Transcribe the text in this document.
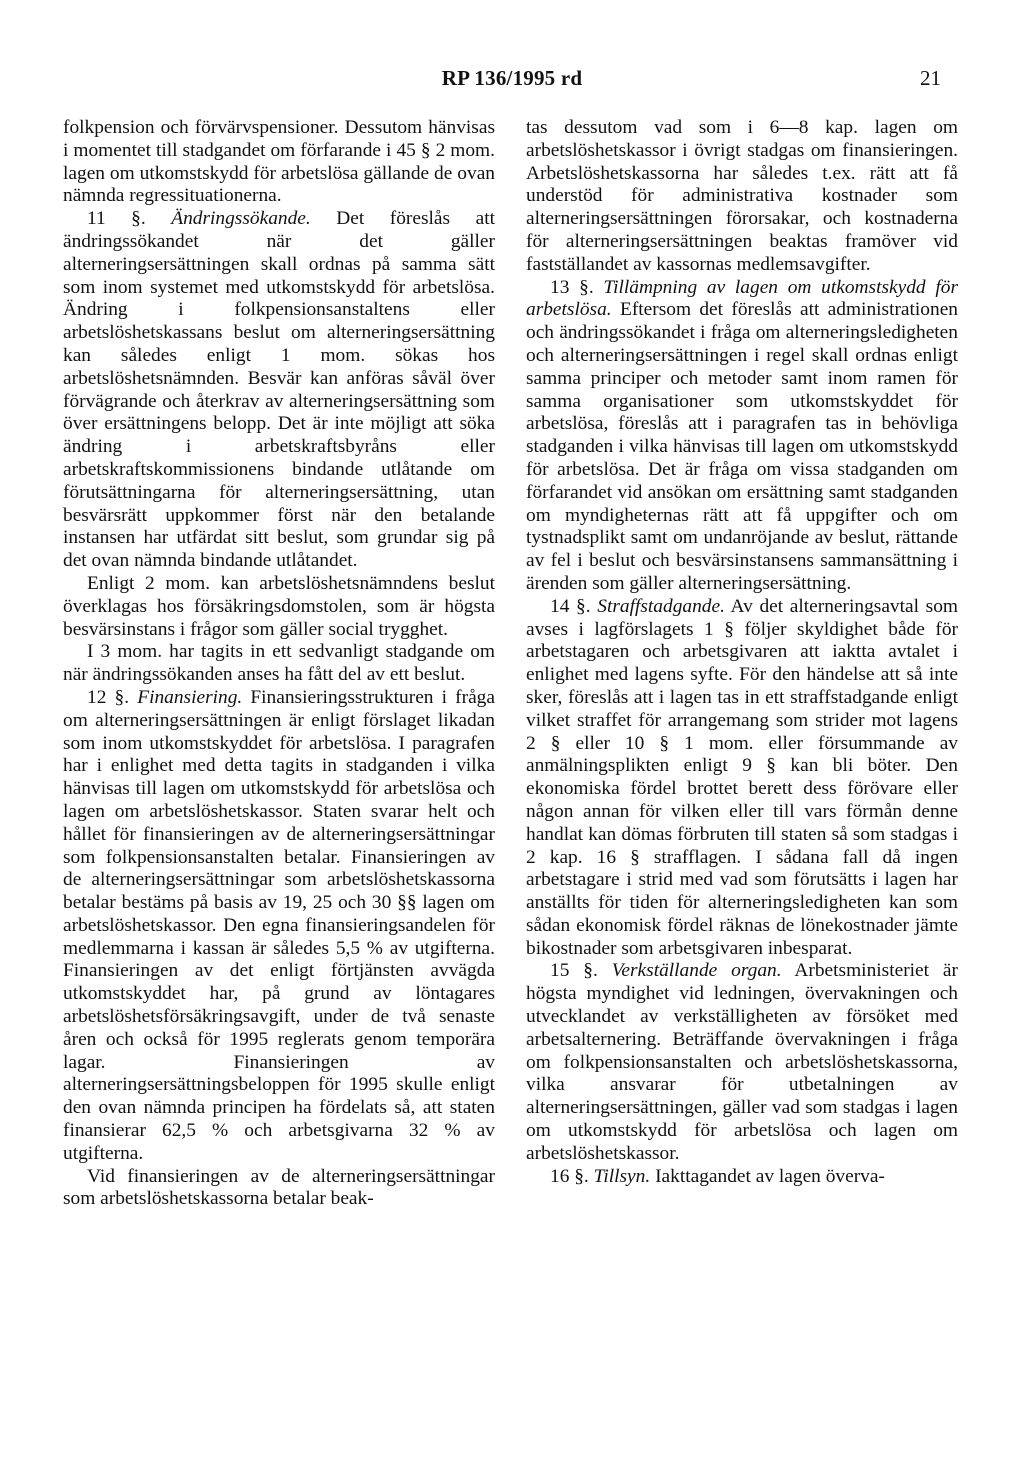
RP 136/1995 rd	21

folkpension och förvärvspensioner. Dessutom hänvisas i momentet till stadgandet om förfarande i 45 § 2 mom. lagen om utkomstskydd för arbetslösa gällande de ovan nämnda regressituationerna.

11 §. Ändringssökande. Det föreslås att ändringssökandet när det gäller alterneringsersättningen skall ordnas på samma sätt som inom systemet med utkomstskydd för arbetslösa. Ändring i folkpensionsanstaltens eller arbetslöshetskassans beslut om alterneringsersättning kan således enligt 1 mom. sökas hos arbetslöshetsnämnden. Besvär kan anföras såväl över förvägrande och återkrav av alterneringsersättning som över ersättningens belopp. Det är inte möjligt att söka ändring i arbetskraftsbyråns eller arbetskraftskommissionens bindande utlåtande om förutsättningarna för alterneringsersättning, utan besvärsrätt uppkommer först när den betalande instansen har utfärdat sitt beslut, som grundar sig på det ovan nämnda bindande utlåtandet.

Enligt 2 mom. kan arbetslöshetsnämndens beslut överklagas hos försäkringsdomstolen, som är högsta besvärsinstans i frågor som gäller social trygghet.

I 3 mom. har tagits in ett sedvanligt stadgande om när ändringssökanden anses ha fått del av ett beslut.

12 §. Finansiering. Finansieringsstrukturen i fråga om alterneringsersättningen är enligt förslaget likadan som inom utkomstskyddet för arbetslösa. I paragrafen har i enlighet med detta tagits in stadganden i vilka hänvisas till lagen om utkomstskydd för arbetslösa och lagen om arbetslöshetskassor. Staten svarar helt och hållet för finansieringen av de alterneringsersättningar som folkpensionsanstalten betalar. Finansieringen av de alterneringsersättningar som arbetslöshetskassorna betalar bestäms på basis av 19, 25 och 30 §§ lagen om arbetslöshetskassor. Den egna finansieringsandelen för medlemmarna i kassan är således 5,5 % av utgifterna. Finansieringen av det enligt förtjänsten avvägda utkomstskyddet har, på grund av löntagares arbetslöshetsförsäkringsavgift, under de två senaste åren och också för 1995 reglerats genom temporära lagar. Finansieringen av alterneringsersättningsbeloppen för 1995 skulle enligt den ovan nämnda principen ha fördelats så, att staten finansierar 62,5 % och arbetsgivarna 32 % av utgifterna.

Vid finansieringen av de alterneringsersättningar som arbetslöshetskassorna betalar beak-

tas dessutom vad som i 6—8 kap. lagen om arbetslöshetskassor i övrigt stadgas om finansieringen. Arbetslöshetskassorna har således t.ex. rätt att få understöd för administrativa kostnader som alterneringsersättningen förorsakar, och kostnaderna för alterneringsersättningen beaktas framöver vid fastställandet av kassornas medlemsavgifter.

13 §. Tillämpning av lagen om utkomstskydd för arbetslösa. Eftersom det föreslås att administrationen och ändringssökandet i fråga om alterneringsledigheten och alterneringsersättningen i regel skall ordnas enligt samma principer och metoder samt inom ramen för samma organisationer som utkomstskyddet för arbetslösa, föreslås att i paragrafen tas in behövliga stadganden i vilka hänvisas till lagen om utkomstskydd för arbetslösa. Det är fråga om vissa stadganden om förfarandet vid ansökan om ersättning samt stadganden om myndigheternas rätt att få uppgifter och om tystnadsplikt samt om undanröjande av beslut, rättande av fel i beslut och besvärsinstansens sammansättning i ärenden som gäller alterneringsersättning.

14 §. Straffstadgande. Av det alterneringsavtal som avses i lagförslagets 1 § följer skyldighet både för arbetstagaren och arbetsgivaren att iaktta avtalet i enlighet med lagens syfte. För den händelse att så inte sker, föreslås att i lagen tas in ett straffstadgande enligt vilket straffet för arrangemang som strider mot lagens 2 § eller 10 § 1 mom. eller försummande av anmälningsplikten enligt 9 § kan bli böter. Den ekonomiska fördel brottet berett dess förövare eller någon annan för vilken eller till vars förmån denne handlat kan dömas förbruten till staten så som stadgas i 2 kap. 16 § strafflagen. I sådana fall då ingen arbetstagare i strid med vad som förutsätts i lagen har anställts för tiden för alterneringsledigheten kan som sådan ekonomisk fördel räknas de lönekostnader jämte bikostnader som arbetsgivaren inbesparat.

15 §. Verkställande organ. Arbetsministeriet är högsta myndighet vid ledningen, övervakningen och utvecklandet av verkställigheten av försöket med arbetsalternering. Beträffande övervakningen i fråga om folkpensionsanstalten och arbetslöshetskassorna, vilka ansvarar för utbetalningen av alterneringsersättningen, gäller vad som stadgas i lagen om utkomstskydd för arbetslösa och lagen om arbetslöshetskassor.

16 §. Tillsyn. Iakttagandet av lagen överva-
